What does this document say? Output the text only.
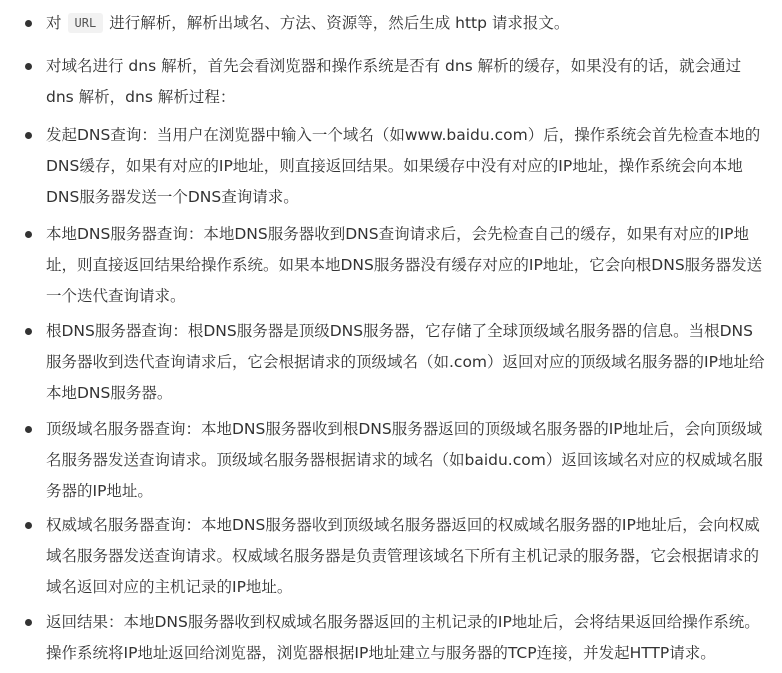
对 URL 进行解析，解析出域名、方法、资源等，然后生成 http 请求报文。
对域名进行 dns 解析，首先会看浏览器和操作系统是否有 dns 解析的缓存，如果没有的话，就会通过 dns 解析，dns 解析过程：
发起DNS查询：当用户在浏览器中输入一个域名（如www.baidu.com）后，操作系统会首先检查本地的DNS缓存，如果有对应的IP地址，则直接返回结果。如果缓存中没有对应的IP地址，操作系统会向本地DNS服务器发送一个DNS查询请求。
本地DNS服务器查询：本地DNS服务器收到DNS查询请求后，会先检查自己的缓存，如果有对应的IP地址，则直接返回结果给操作系统。如果本地DNS服务器没有缓存对应的IP地址，它会向根DNS服务器发送一个迭代查询请求。
根DNS服务器查询：根DNS服务器是顶级DNS服务器，它存储了全球顶级域名服务器的信息。当根DNS服务器收到迭代查询请求后，它会根据请求的顶级域名（如.com）返回对应的顶级域名服务器的IP地址给本地DNS服务器。
顶级域名服务器查询：本地DNS服务器收到根DNS服务器返回的顶级域名服务器的IP地址后，会向顶级域名服务器发送查询请求。顶级域名服务器根据请求的域名（如baidu.com）返回该域名对应的权威域名服务器的IP地址。
权威域名服务器查询：本地DNS服务器收到顶级域名服务器返回的权威域名服务器的IP地址后，会向权威域名服务器发送查询请求。权威域名服务器是负责管理该域名下所有主机记录的服务器，它会根据请求的域名返回对应的主机记录的IP地址。
返回结果：本地DNS服务器收到权威域名服务器返回的主机记录的IP地址后，会将结果返回给操作系统。操作系统将IP地址返回给浏览器，浏览器根据IP地址建立与服务器的TCP连接，并发起HTTP请求。
